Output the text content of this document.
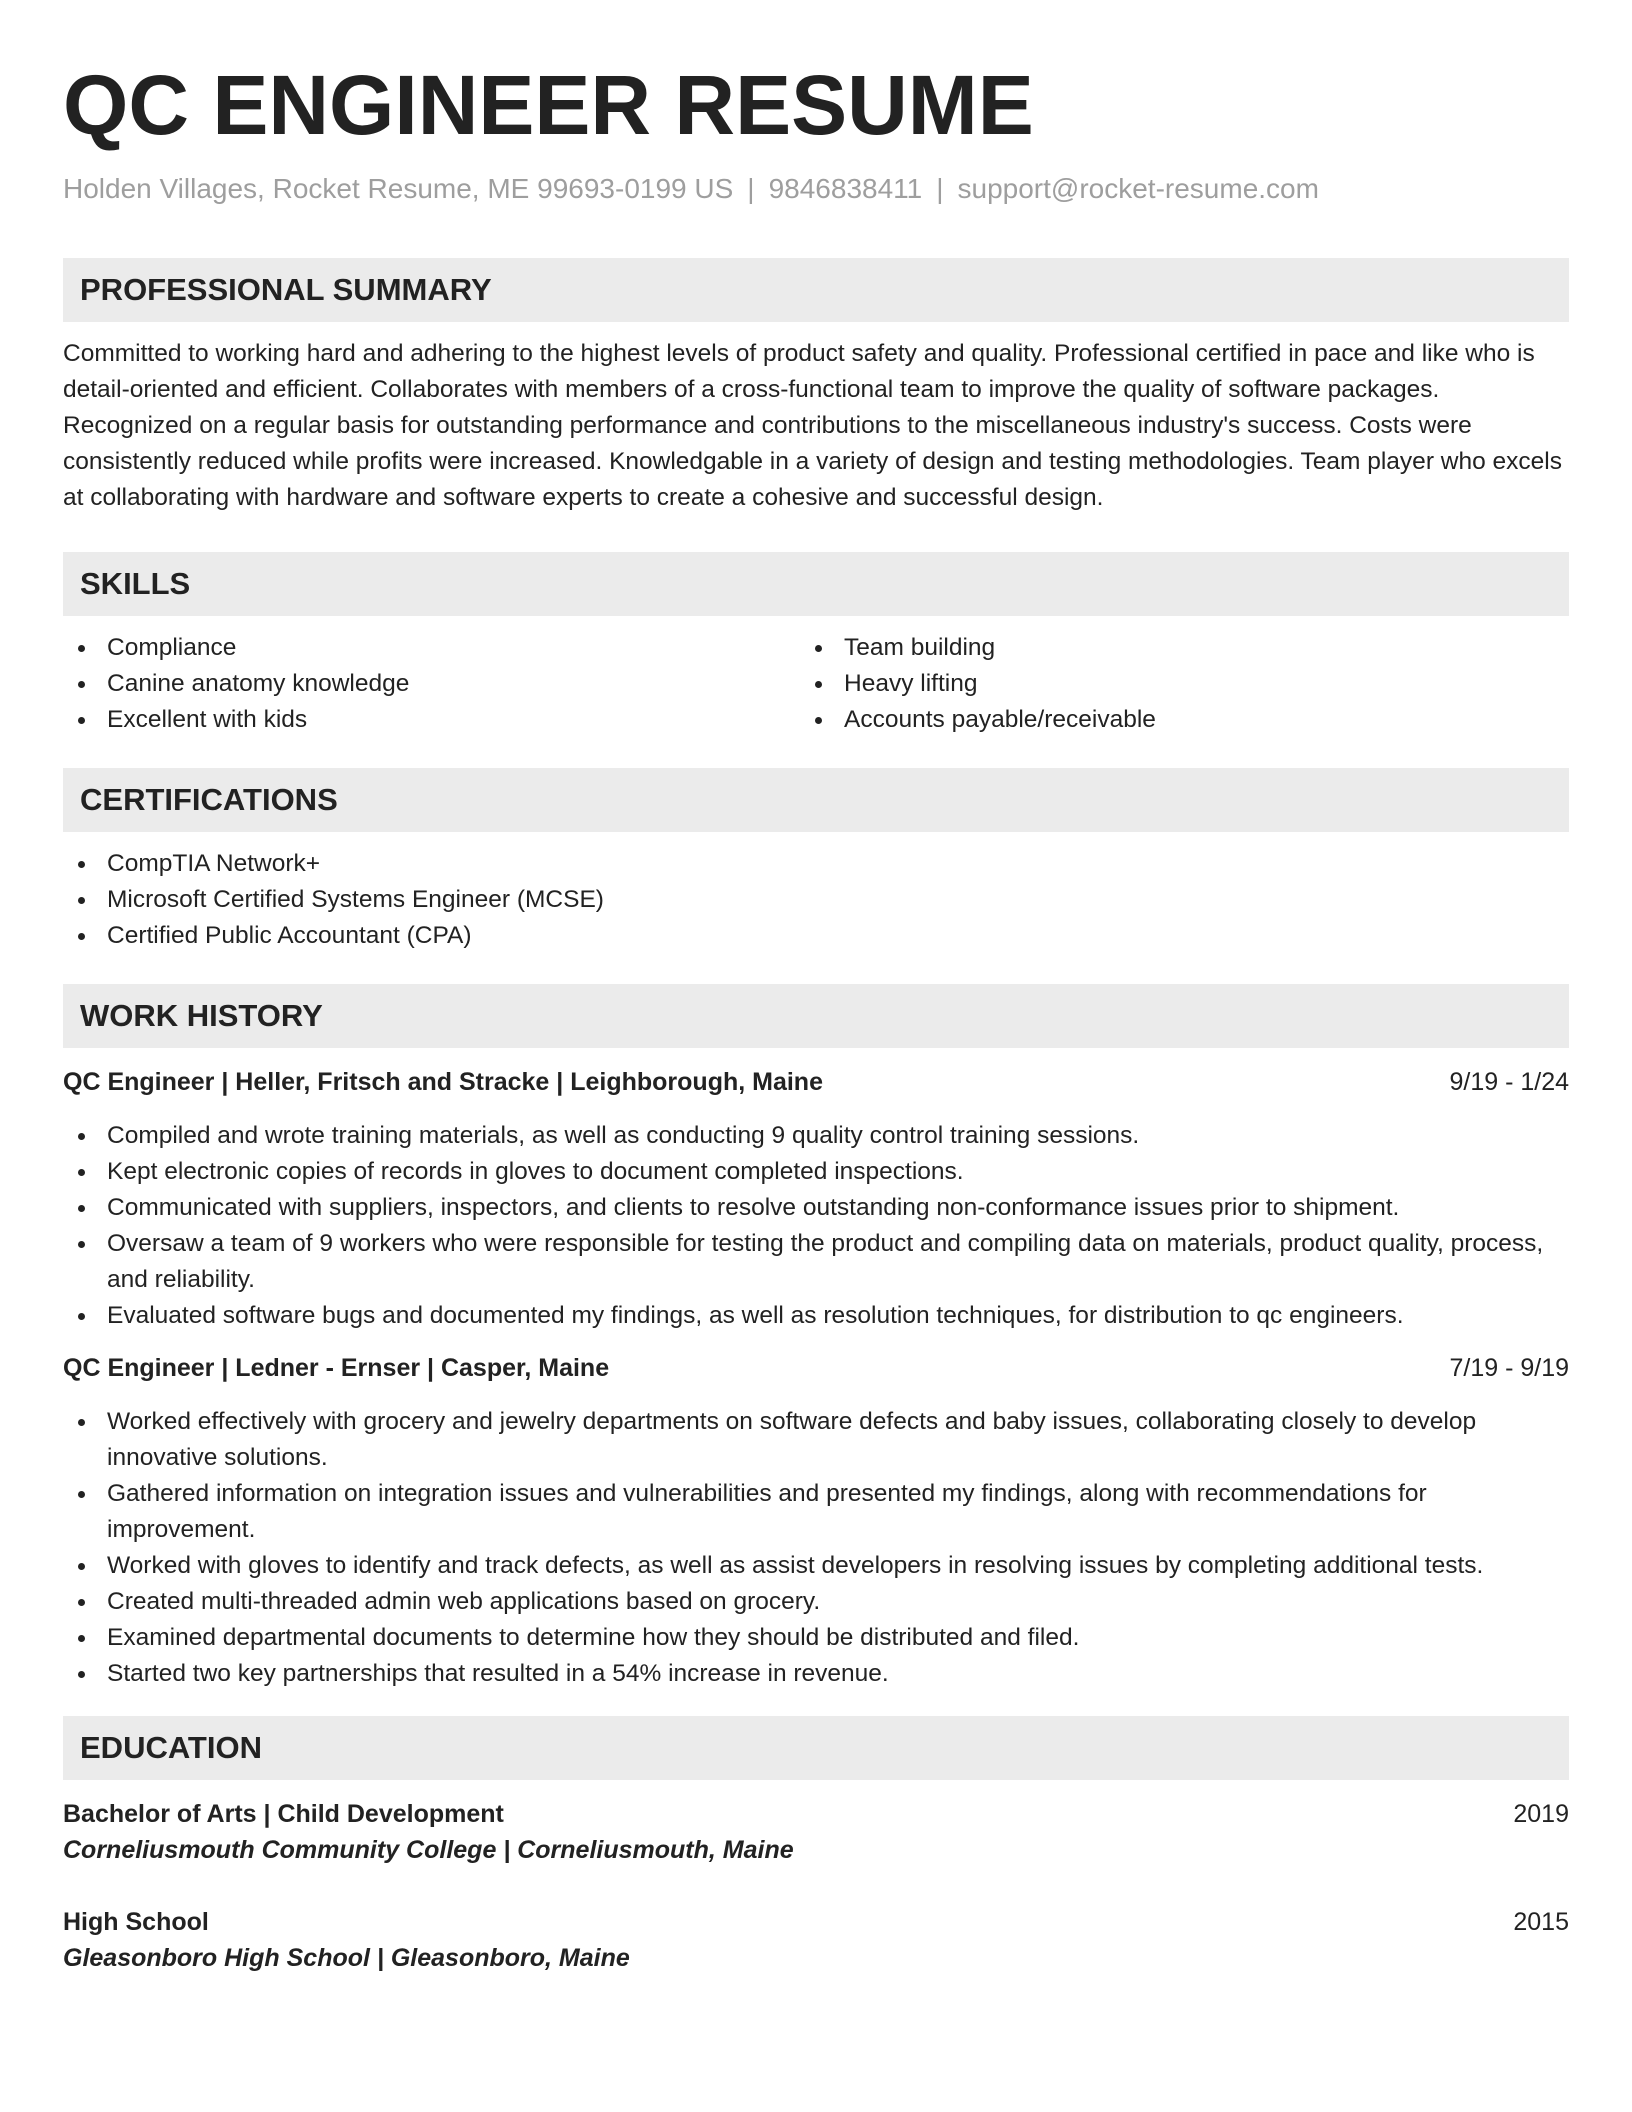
QC ENGINEER RESUME
Holden Villages, Rocket Resume, ME 99693-0199 US | 9846838411 | support@rocket-resume.com
PROFESSIONAL SUMMARY
Committed to working hard and adhering to the highest levels of product safety and quality. Professional certified in pace and like who is detail-oriented and efficient. Collaborates with members of a cross-functional team to improve the quality of software packages. Recognized on a regular basis for outstanding performance and contributions to the miscellaneous industry's success. Costs were consistently reduced while profits were increased. Knowledgable in a variety of design and testing methodologies. Team player who excels at collaborating with hardware and software experts to create a cohesive and successful design.
SKILLS
Compliance
Canine anatomy knowledge
Excellent with kids
Team building
Heavy lifting
Accounts payable/receivable
CERTIFICATIONS
CompTIA Network+
Microsoft Certified Systems Engineer (MCSE)
Certified Public Accountant (CPA)
WORK HISTORY
QC Engineer | Heller, Fritsch and Stracke | Leighborough, Maine	9/19 - 1/24
Compiled and wrote training materials, as well as conducting 9 quality control training sessions.
Kept electronic copies of records in gloves to document completed inspections.
Communicated with suppliers, inspectors, and clients to resolve outstanding non-conformance issues prior to shipment.
Oversaw a team of 9 workers who were responsible for testing the product and compiling data on materials, product quality, process, and reliability.
Evaluated software bugs and documented my findings, as well as resolution techniques, for distribution to qc engineers.
QC Engineer | Ledner - Ernser | Casper, Maine	7/19 - 9/19
Worked effectively with grocery and jewelry departments on software defects and baby issues, collaborating closely to develop innovative solutions.
Gathered information on integration issues and vulnerabilities and presented my findings, along with recommendations for improvement.
Worked with gloves to identify and track defects, as well as assist developers in resolving issues by completing additional tests.
Created multi-threaded admin web applications based on grocery.
Examined departmental documents to determine how they should be distributed and filed.
Started two key partnerships that resulted in a 54% increase in revenue.
EDUCATION
Bachelor of Arts | Child Development	2019
Corneliusmouth Community College | Corneliusmouth, Maine
High School	2015
Gleasonboro High School | Gleasonboro, Maine
